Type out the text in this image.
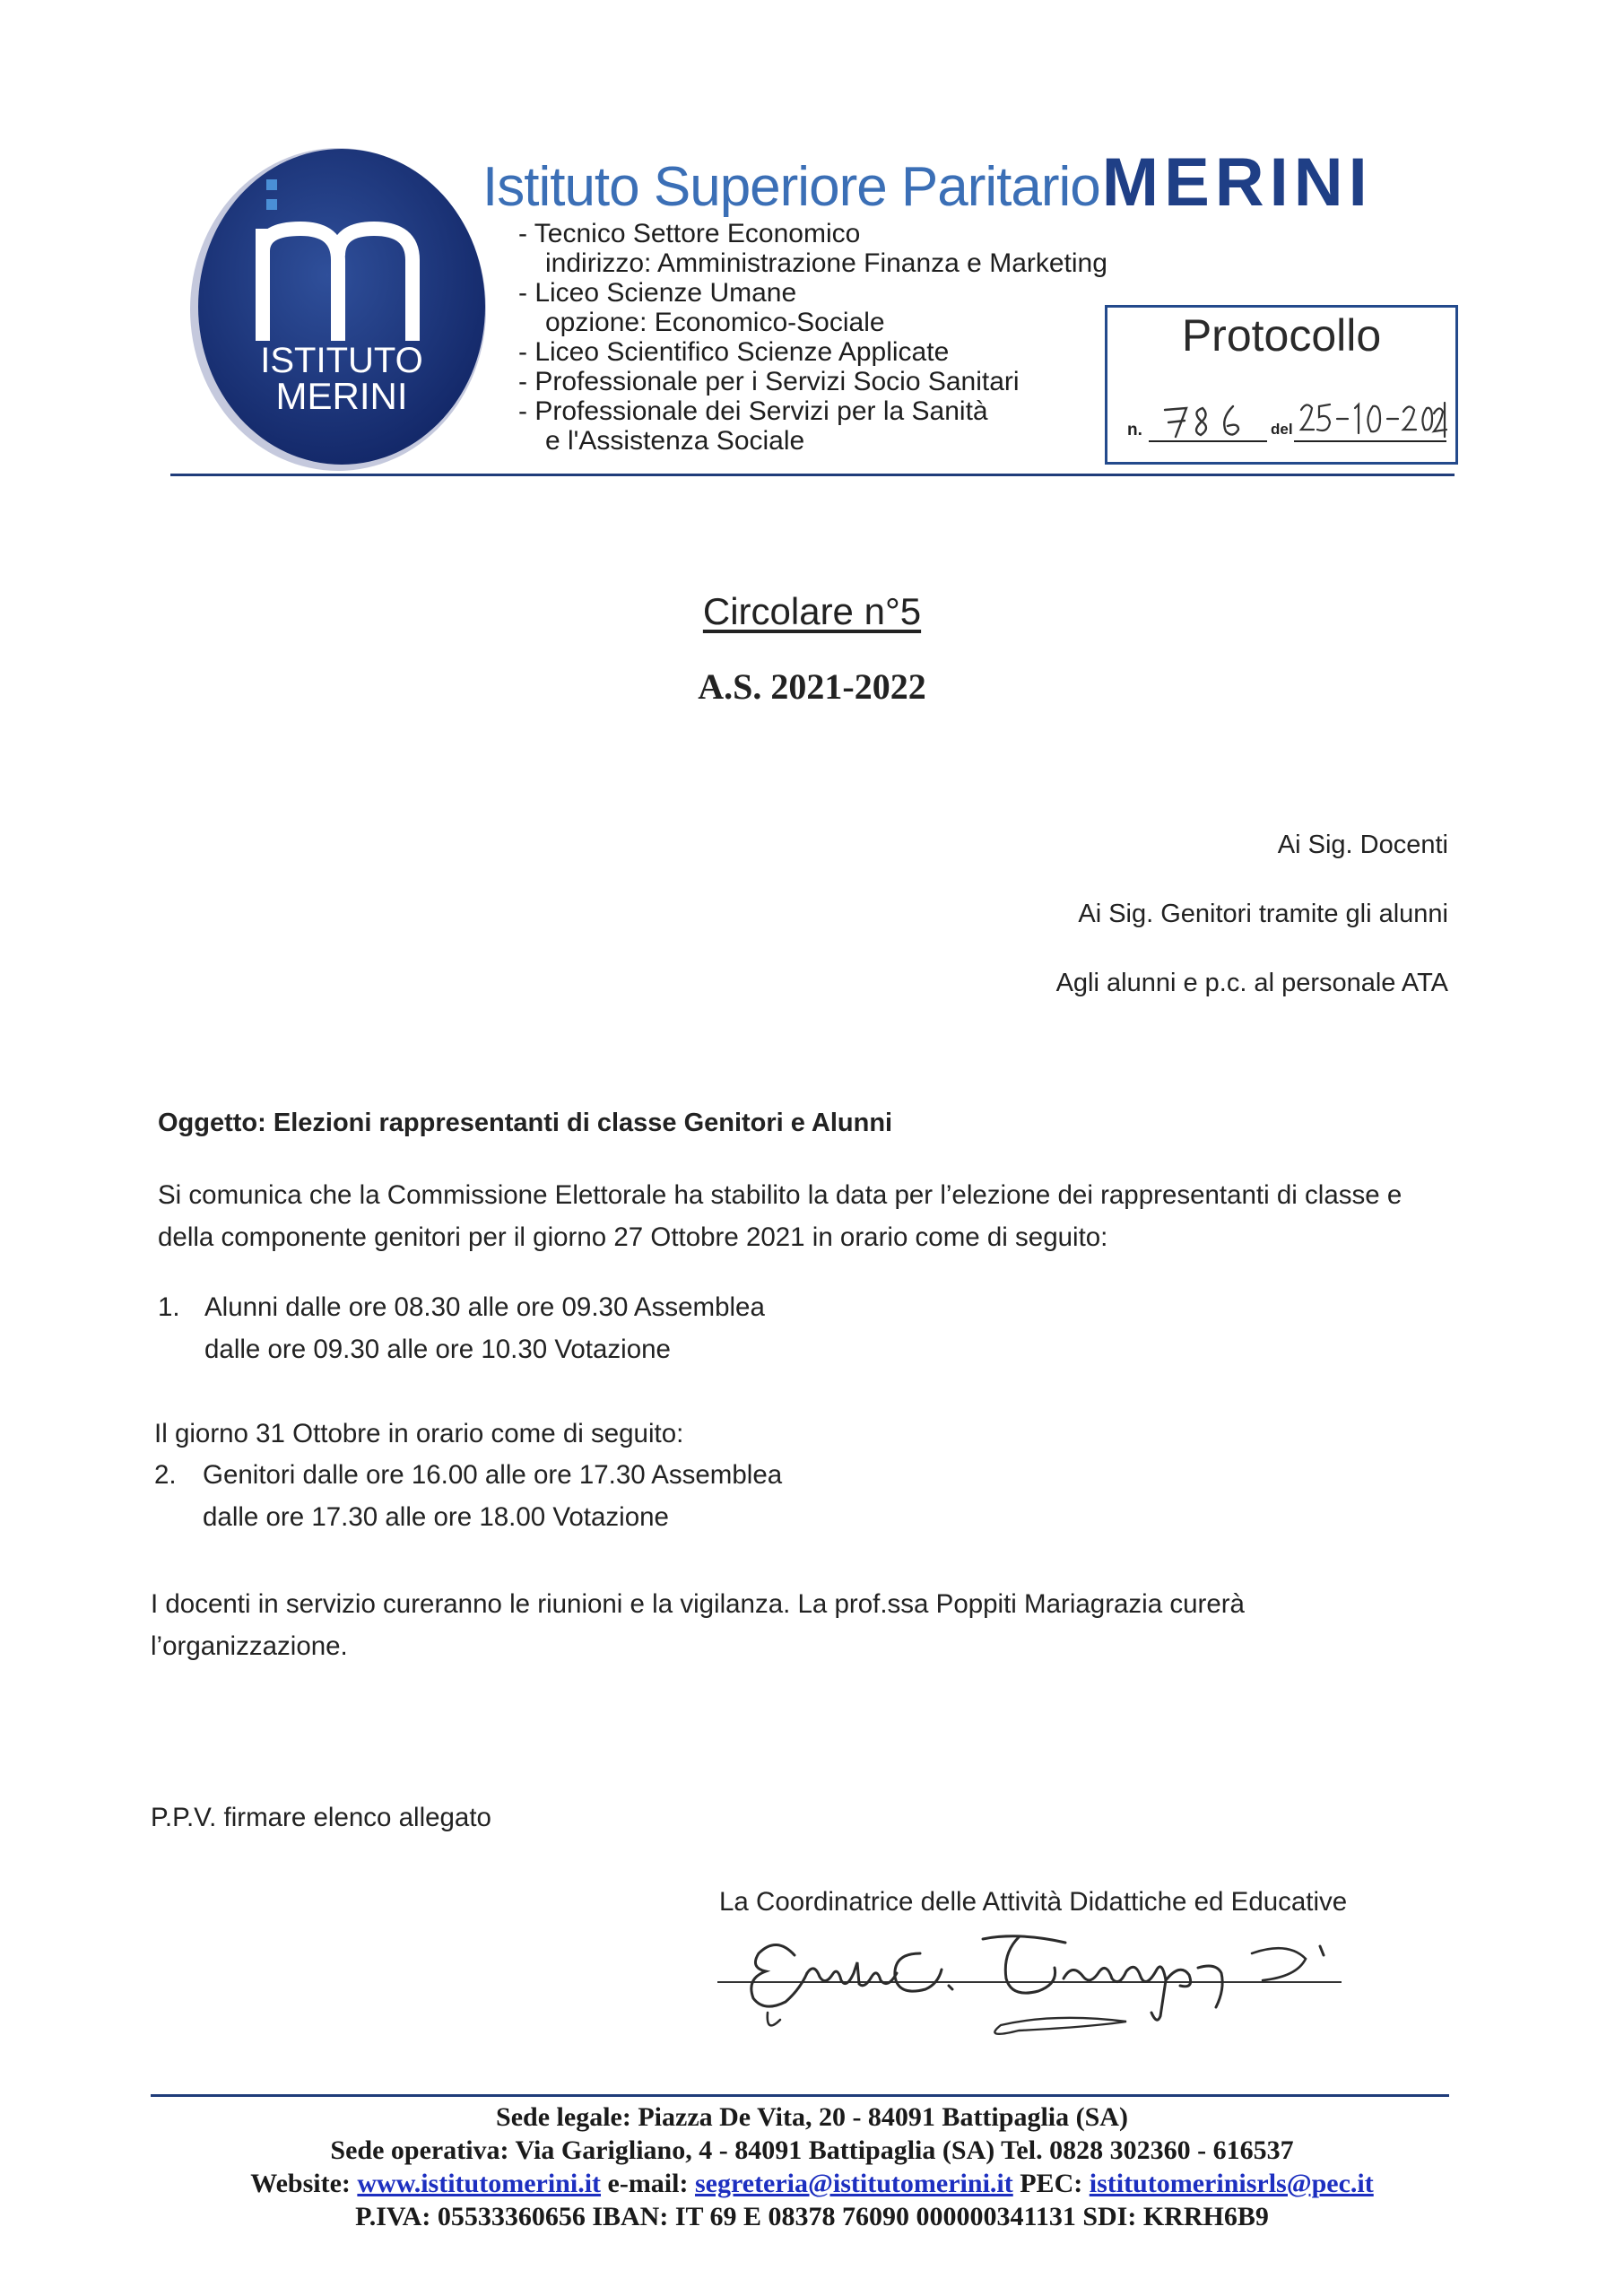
ISTITUTO
MERINI
Istituto Superiore ParitarioMERINI
- Tecnico Settore Economico
indirizzo: Amministrazione Finanza e Marketing
- Liceo Scienze Umane
opzione: Economico-Sociale
- Liceo Scientifico Scienze Applicate
- Professionale per i Servizi Socio Sanitari
- Professionale dei Servizi per la Sanità
e l'Assistenza Sociale
Protocollo
n.	del
Circolare n°5
A.S. 2021-2022
Ai Sig. Docenti
Ai Sig. Genitori tramite gli alunni
Agli alunni e p.c. al personale ATA
Oggetto: Elezioni rappresentanti di classe Genitori e Alunni
Si comunica che la Commissione Elettorale ha stabilito la data per l’elezione dei rappresentanti di classe e
della componente genitori per il giorno 27 Ottobre 2021 in orario come di seguito:
1. Alunni dalle ore 08.30 alle ore 09.30 Assemblea
dalle ore 09.30 alle ore 10.30 Votazione
Il giorno 31 Ottobre in orario come di seguito:
2. Genitori dalle ore 16.00 alle ore 17.30 Assemblea
dalle ore 17.30 alle ore 18.00 Votazione
I docenti in servizio cureranno le riunioni e la vigilanza. La prof.ssa Poppiti Mariagrazia curerà
l’organizzazione.
P.P.V. firmare elenco allegato
La Coordinatrice delle Attività Didattiche ed Educative
Sede legale: Piazza De Vita, 20 - 84091 Battipaglia (SA)
Sede operativa: Via Garigliano, 4 - 84091 Battipaglia (SA) Tel. 0828 302360 - 616537
Website: www.istitutomerini.it e-mail: segreteria@istitutomerini.it PEC: istitutomerinisrls@pec.it
P.IVA: 05533360656 IBAN: IT 69 E 08378 76090 000000341131 SDI: KRRH6B9
